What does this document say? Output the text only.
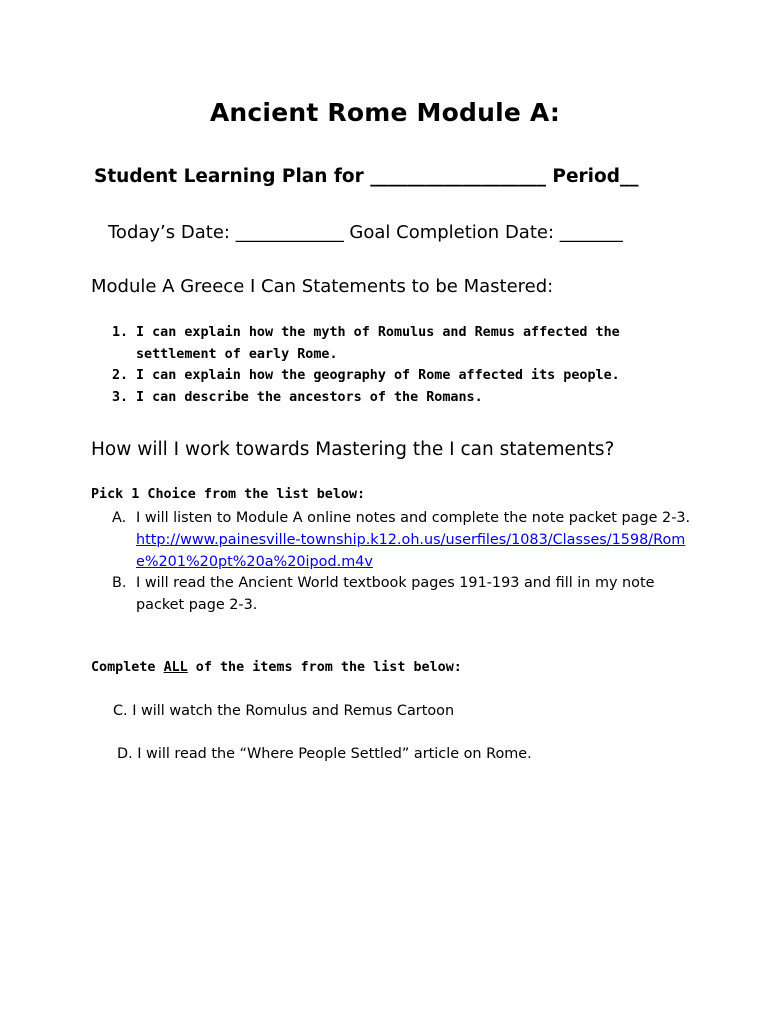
Ancient Rome Module A:
Student Learning Plan for ___________________ Period__
Today’s Date: ____________ Goal Completion Date: _______
Module A Greece I Can Statements to be Mastered:
1. I can explain how the myth of Romulus and Remus affected the settlement of early Rome.
2. I can explain how the geography of Rome affected its people.
3. I can describe the ancestors of the Romans.
How will I work towards Mastering the I can statements?
Pick 1 Choice from the list below:
A. I will listen to Module A online notes and complete the note packet page 2-3.
http://www.painesville-township.k12.oh.us/userfiles/1083/Classes/1598/Rome%201%20pt%20a%20ipod.m4v
B. I will read the Ancient World textbook pages 191-193 and fill in my note packet page 2-3.
Complete ALL of the items from the list below:
C. I will watch the Romulus and Remus Cartoon
D. I will read the “Where People Settled” article on Rome.
